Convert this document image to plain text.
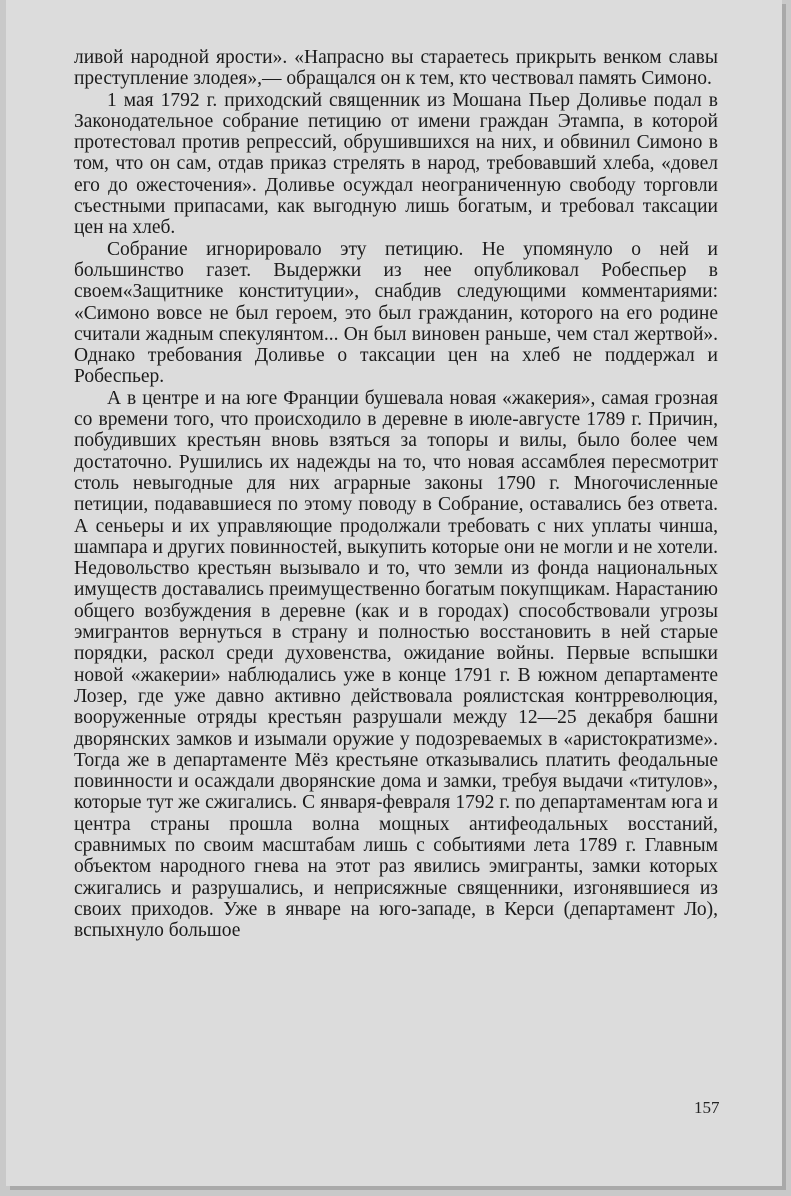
ливой народной ярости». «Напрасно вы стараетесь прикрыть венком славы преступление злодея»,— обращался он к тем, кто чествовал память Симоно.

1 мая 1792 г. приходский священник из Мошана Пьер Доливье подал в Законодательное собрание петицию от имени граждан Этампа, в которой протестовал против репрессий, обрушившихся на них, и обвинил Симоно в том, что он сам, отдав приказ стрелять в народ, требовавший хлеба, «довел его до ожесточения». Доливье осуждал неограниченную свободу торговли съестными припасами, как выгодную лишь богатым, и требовал таксации цен на хлеб.

Собрание игнорировало эту петицию. Не упомянуло о ней и большинство газет. Выдержки из нее опубликовал Робеспьер в своем«Защитнике конституции», снабдив следующими комментариями: «Симоно вовсе не был героем, это был гражданин, которого на его родине считали жадным спекулянтом... Он был виновен раньше, чем стал жертвой». Однако требования Доливье о таксации цен на хлеб не поддержал и Робеспьер.

А в центре и на юге Франции бушевала новая «жакерия», самая грозная со времени того, что происходило в деревне в июле-августе 1789 г. Причин, побудивших крестьян вновь взяться за топоры и вилы, было более чем достаточно. Рушились их надежды на то, что новая ассамблея пересмотрит столь невыгодные для них аграрные законы 1790 г. Многочисленные петиции, подававшиеся по этому поводу в Собрание, оставались без ответа. А сеньеры и их управляющие продолжали требовать с них уплаты чинша, шампара и других повинностей, выкупить которые они не могли и не хотели. Недовольство крестьян вызывало и то, что земли из фонда национальных имуществ доставались преимущественно богатым покупщикам. Нарастанию общего возбуждения в деревне (как и в городах) способствовали угрозы эмигрантов вернуться в страну и полностью восстановить в ней старые порядки, раскол среди духовенства, ожидание войны. Первые вспышки новой «жакерии» наблюдались уже в конце 1791 г. В южном департаменте Лозер, где уже давно активно действовала роялистская контрреволюция, вооруженные отряды крестьян разрушали между 12—25 декабря башни дворянских замков и изымали оружие у подозреваемых в «аристократизме». Тогда же в департаменте Мёз крестьяне отказывались платить феодальные повинности и осаждали дворянские дома и замки, требуя выдачи «титулов», которые тут же сжигались. С января-февраля 1792 г. по департаментам юга и центра страны прошла волна мощных антифеодальных восстаний, сравнимых по своим масштабам лишь с событиями лета 1789 г. Главным объектом народного гнева на этот раз явились эмигранты, замки которых сжигались и разрушались, и неприсяжные священники, изгонявшиеся из своих приходов. Уже в январе на юго-западе, в Керси (департамент Ло), вспыхнуло большое

157
